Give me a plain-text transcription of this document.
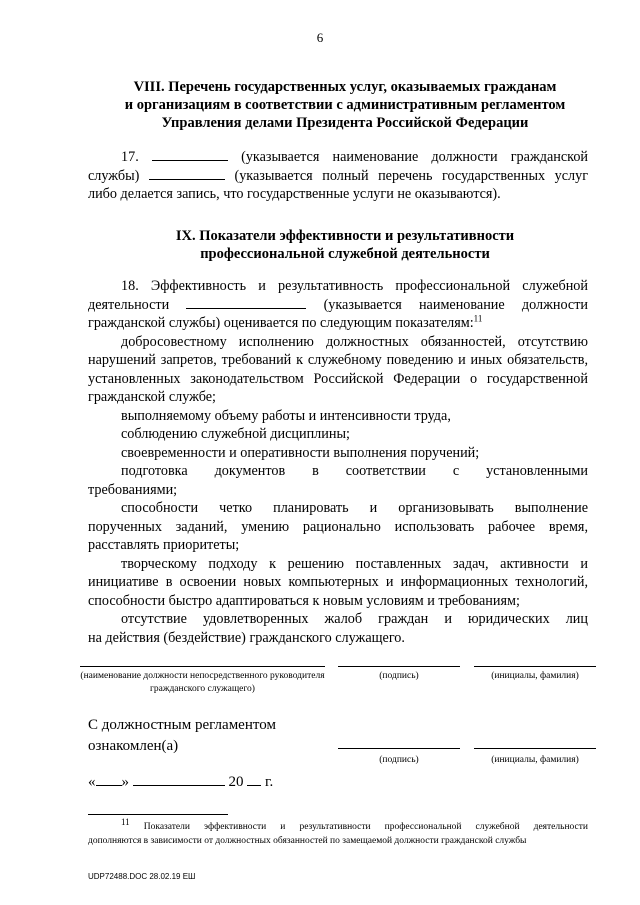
6
VIII. Перечень государственных услуг, оказываемых гражданам
и организациям в соответствии с административным регламентом
Управления делами Президента Российской Федерации
17.	(указывается наименование должности гражданской
службы)	(указывается полный перечень государственных услуг
либо делается запись, что государственные услуги не оказываются).
IX. Показатели эффективности и результативности
профессиональной служебной деятельности
18. Эффективность и результативность профессиональной служебной
деятельности	(указывается наименование должности
гражданской службы) оценивается по следующим показателям:$^{11}$
добросовестному исполнению должностных обязанностей, отсутствию
нарушений запретов, требований к служебному поведению и иных обязательств, установленных законодательством Российской Федерации о государственной гражданской службе;
выполняемому объему работы и интенсивности труда,
соблюдению служебной дисциплины;
своевременности и оперативности выполнения поручений;
подготовка документов в соответствии с установленными
требованиями;
способности четко планировать и организовывать выполнение
порученных заданий, умению рационально использовать рабочее время, расставлять приоритеты;
творческому подходу к решению поставленных задач, активности и
инициативе в освоении новых компьютерных и информационных технологий, способности быстро адаптироваться к новым условиям и требованиям;
отсутствие удовлетворенных жалоб граждан и юридических лиц
на действия (бездействие) гражданского служащего.
(наименование должности непосредственного руководителя гражданского служащего)
(подпись)	(инициалы, фамилия)
С должностным регламентом
ознакомлен(а)
(подпись)	(инициалы, фамилия)
« »	20 г.
$^{11}$ Показатели эффективности и результативности профессиональной служебной деятельности
дополняются в зависимости от должностных обязанностей по замещаемой должности гражданской службы
UDP72488.DOC 28.02.19 ЕШ
